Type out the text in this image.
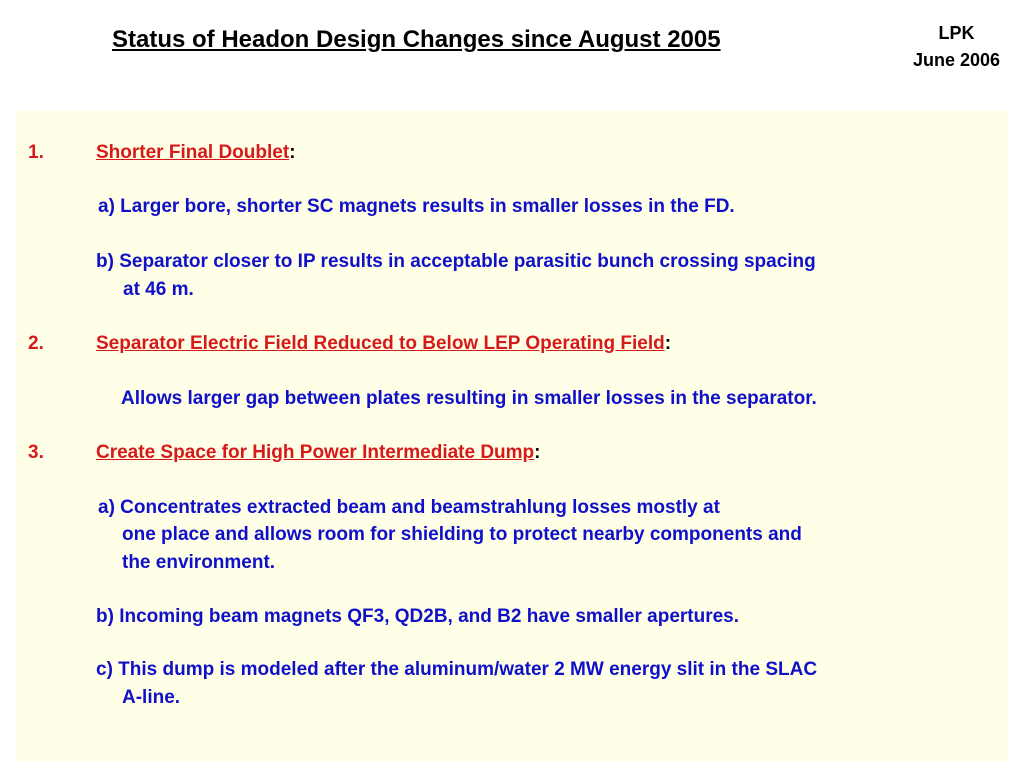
Status of Headon Design Changes since August 2005	LPK
June 2006
1.	Shorter Final Doublet:
a) Larger bore, shorter SC magnets results in smaller losses in the FD.
b) Separator closer to IP results in acceptable parasitic bunch crossing spacing
at 46 m.
2.	Separator Electric Field Reduced to Below LEP Operating Field:
Allows larger gap between plates resulting in smaller losses in the separator.
3.	Create Space for High Power Intermediate Dump:
a) Concentrates extracted beam and beamstrahlung losses mostly at
one place and allows room for shielding to protect nearby components and
the environment.
b) Incoming beam magnets QF3, QD2B, and B2 have smaller apertures.
c) This dump is modeled after the aluminum/water 2 MW energy slit in the SLAC
A-line.
